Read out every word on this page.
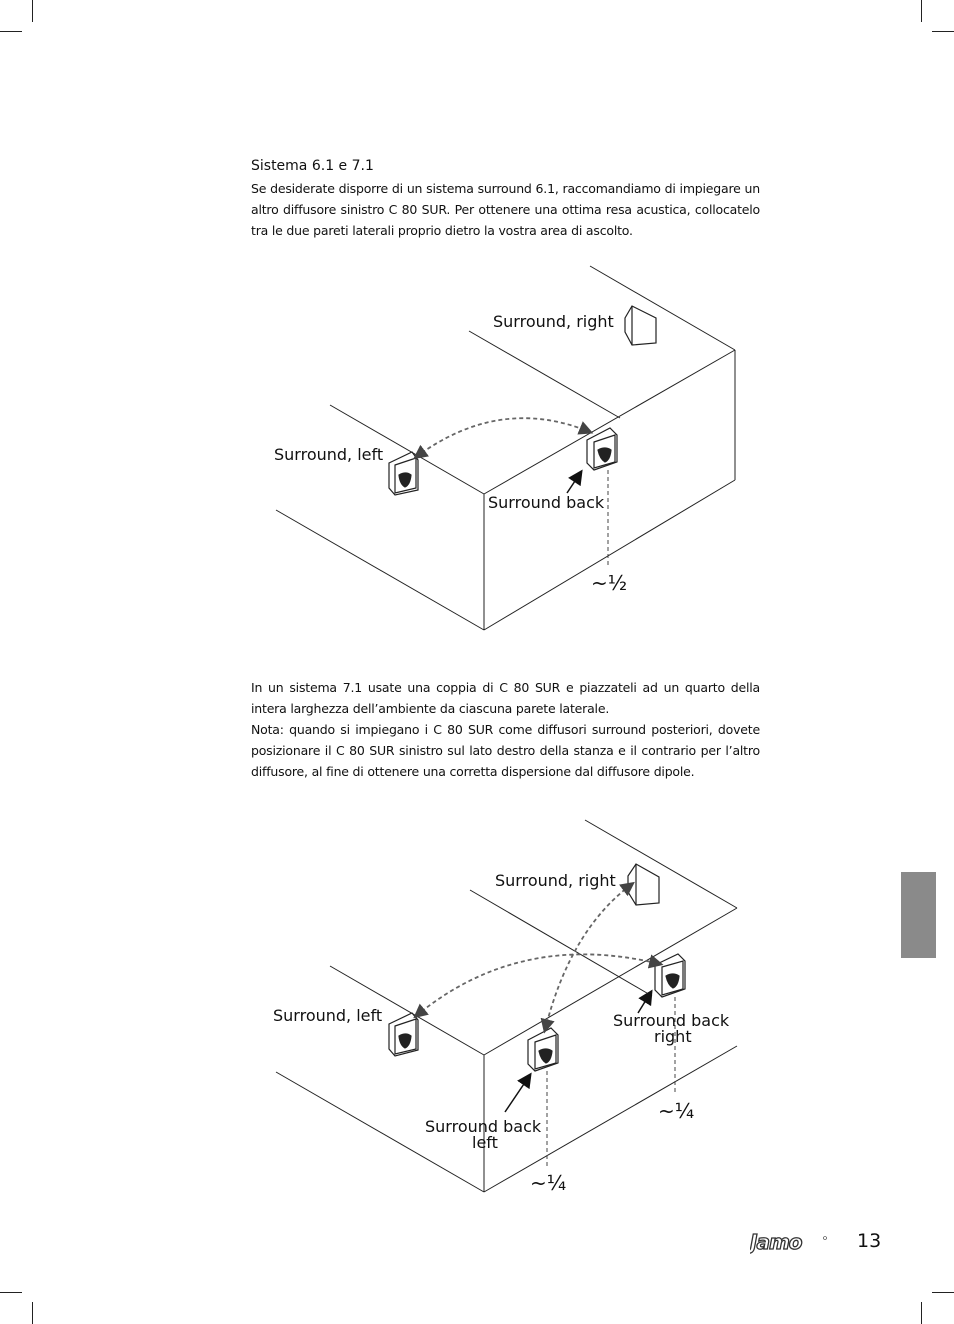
Sistema 6.1 e 7.1

Se desiderate disporre di un sistema surround 6.1, raccomandiamo di impiegare un altro diffusore sinistro C 80 SUR. Per ottenere una ottima resa acustica, collocatelo tra le due pareti laterali proprio dietro la vostra area di ascolto.

Surround, right
Surround, left
Surround back
~½

In un sistema 7.1 usate una coppia di C 80 SUR e piazzateli ad un quarto della intera larghezza dell’ambiente da ciascuna parete laterale.

Nota: quando si impiegano i C 80 SUR come diffusori surround posteriori, dovete posizionare il C 80 SUR sinistro sul lato destro della stanza e il contrario per l’altro diffusore, al fine di ottenere una corretta dispersione dal diffusore dipole.

Surround, right
Surround, left	Surround back
right
Surround back
left
~¼
~¼
Jamo	13
